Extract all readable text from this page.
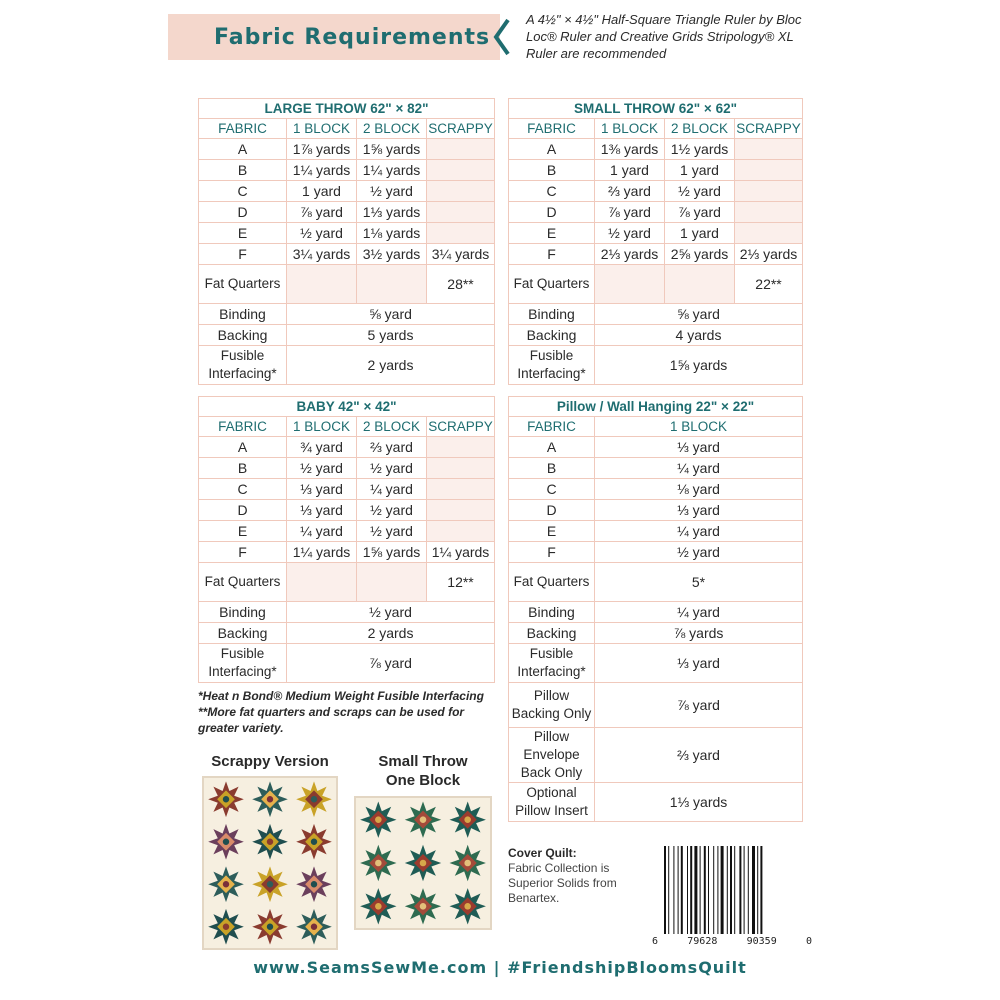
Fabric Requirements
A 4½" × 4½" Half-Square Triangle Ruler by Bloc Loc® Ruler and Creative Grids Stripology® XL Ruler are recommended
LARGE THROW 62" × 82"			
FABRIC	1 BLOCK	2 BLOCK	SCRAPPY
A	1⅞ yards	1⅝ yards	
B	1¼ yards	1¼ yards	
C	1 yard	½ yard	
D	⅞ yard	1⅓ yards	
E	½ yard	1⅛ yards	
F	3¼ yards	3½ yards	3¼ yards
Fat Quarters			28**
Binding	⅝ yard		
Backing	5 yards		
Fusible Interfacing*	2 yards		
SMALL THROW 62" × 62"			
FABRIC	1 BLOCK	2 BLOCK	SCRAPPY
A	1⅜ yards	1½ yards	
B	1 yard	1 yard	
C	⅔ yard	½ yard	
D	⅞ yard	⅞ yard	
E	½ yard	1 yard	
F	2⅓ yards	2⅝ yards	2⅓ yards
Fat Quarters			22**
Binding	⅝ yard		
Backing	4 yards		
Fusible Interfacing*	1⅝ yards		
BABY 42" × 42"			
FABRIC	1 BLOCK	2 BLOCK	SCRAPPY
A	¾ yard	⅔ yard	
B	½ yard	½ yard	
C	⅓ yard	¼ yard	
D	⅓ yard	½ yard	
E	¼ yard	½ yard	
F	1¼ yards	1⅝ yards	1¼ yards
Fat Quarters			12**
Binding	½ yard		
Backing	2 yards		
Fusible Interfacing*	⅞ yard		
Pillow / Wall Hanging 22" × 22"	
FABRIC	1 BLOCK
A	⅓ yard
B	¼ yard
C	⅛ yard
D	⅓ yard
E	¼ yard
F	½ yard
Fat Quarters	5*
Binding	¼ yard
Backing	⅞ yards
Fusible Interfacing*	⅓ yard
Pillow Backing Only	⅞ yard
Pillow Envelope Back Only	⅔ yard
Optional Pillow Insert	1⅓ yards
*Heat n Bond® Medium Weight Fusible Interfacing
**More fat quarters and scraps can be used for greater variety.
Scrappy Version	Small Throw One Block
Cover Quilt:
Fabric Collection is Superior Solids from Benartex.
6	79628	90359	0
www.SeamsSewMe.com | #FriendshipBloomsQuilt
